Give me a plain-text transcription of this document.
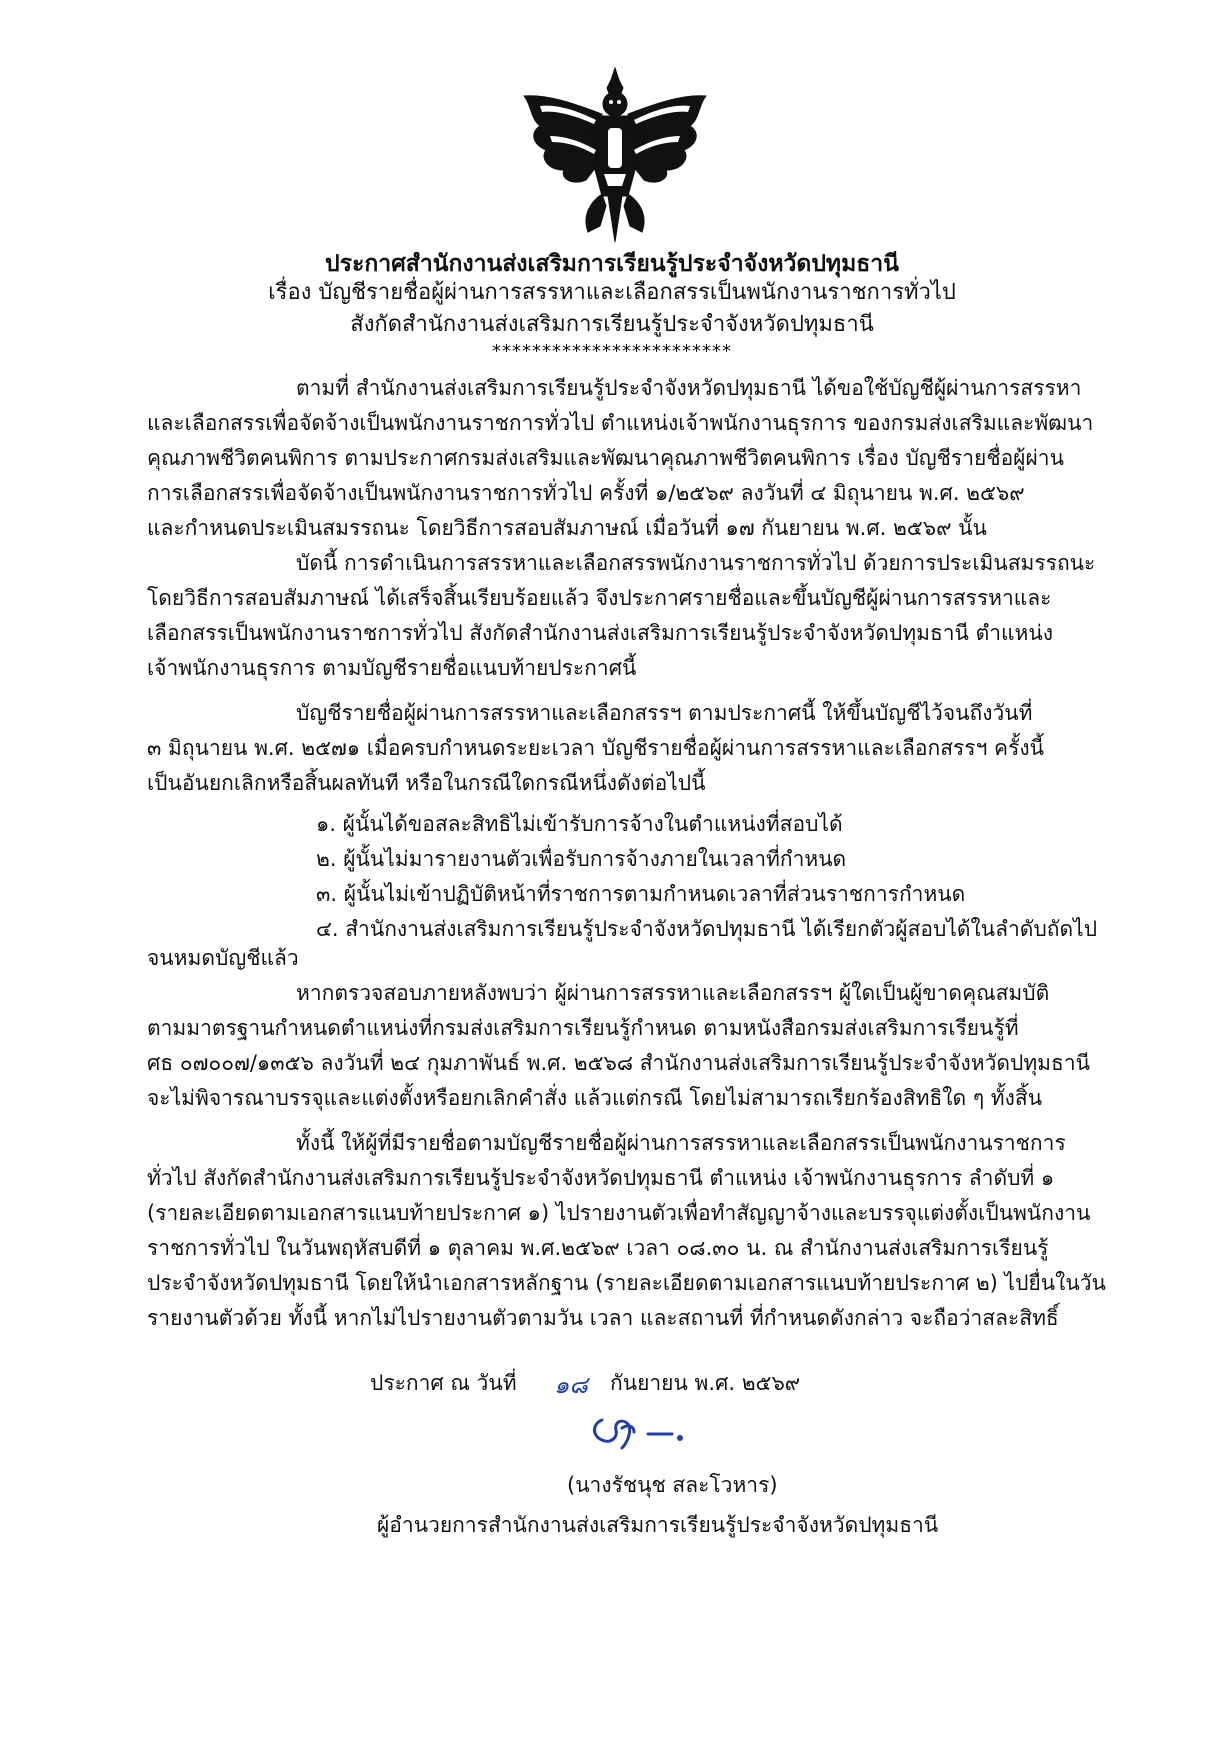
ประกาศสำนักงานส่งเสริมการเรียนรู้ประจำจังหวัดปทุมธานี
เรื่อง บัญชีรายชื่อผู้ผ่านการสรรหาและเลือกสรรเป็นพนักงานราชการทั่วไป
สังกัดสำนักงานส่งเสริมการเรียนรู้ประจำจังหวัดปทุมธานี
************************
ตามที่ สำนักงานส่งเสริมการเรียนรู้ประจำจังหวัดปทุมธานี ได้ขอใช้บัญชีผู้ผ่านการสรรหา
และเลือกสรรเพื่อจัดจ้างเป็นพนักงานราชการทั่วไป ตำแหน่งเจ้าพนักงานธุรการ ของกรมส่งเสริมและพัฒนา
คุณภาพชีวิตคนพิการ ตามประกาศกรมส่งเสริมและพัฒนาคุณภาพชีวิตคนพิการ เรื่อง บัญชีรายชื่อผู้ผ่าน
การเลือกสรรเพื่อจัดจ้างเป็นพนักงานราชการทั่วไป ครั้งที่ ๑/๒๕๖๙ ลงวันที่ ๔ มิถุนายน พ.ศ. ๒๕๖๙
และกำหนดประเมินสมรรถนะ โดยวิธีการสอบสัมภาษณ์ เมื่อวันที่ ๑๗ กันยายน พ.ศ. ๒๕๖๙ นั้น
บัดนี้ การดำเนินการสรรหาและเลือกสรรพนักงานราชการทั่วไป ด้วยการประเมินสมรรถนะ
โดยวิธีการสอบสัมภาษณ์ ได้เสร็จสิ้นเรียบร้อยแล้ว จึงประกาศรายชื่อและขึ้นบัญชีผู้ผ่านการสรรหาและ
เลือกสรรเป็นพนักงานราชการทั่วไป สังกัดสำนักงานส่งเสริมการเรียนรู้ประจำจังหวัดปทุมธานี ตำแหน่ง
เจ้าพนักงานธุรการ ตามบัญชีรายชื่อแนบท้ายประกาศนี้
บัญชีรายชื่อผู้ผ่านการสรรหาและเลือกสรรฯ ตามประกาศนี้ ให้ขึ้นบัญชีไว้จนถึงวันที่
๓ มิถุนายน พ.ศ. ๒๕๗๑ เมื่อครบกำหนดระยะเวลา บัญชีรายชื่อผู้ผ่านการสรรหาและเลือกสรรฯ ครั้งนี้
เป็นอันยกเลิกหรือสิ้นผลทันที หรือในกรณีใดกรณีหนึ่งดังต่อไปนี้
๑. ผู้นั้นได้ขอสละสิทธิไม่เข้ารับการจ้างในตำแหน่งที่สอบได้
๒. ผู้นั้นไม่มารายงานตัวเพื่อรับการจ้างภายในเวลาที่กำหนด
๓. ผู้นั้นไม่เข้าปฏิบัติหน้าที่ราชการตามกำหนดเวลาที่ส่วนราชการกำหนด
๔. สำนักงานส่งเสริมการเรียนรู้ประจำจังหวัดปทุมธานี ได้เรียกตัวผู้สอบได้ในลำดับถัดไป
จนหมดบัญชีแล้ว
หากตรวจสอบภายหลังพบว่า ผู้ผ่านการสรรหาและเลือกสรรฯ ผู้ใดเป็นผู้ขาดคุณสมบัติ
ตามมาตรฐานกำหนดตำแหน่งที่กรมส่งเสริมการเรียนรู้กำหนด ตามหนังสือกรมส่งเสริมการเรียนรู้ที่
ศธ ๐๗๐๐๗/๑๓๕๖ ลงวันที่ ๒๔ กุมภาพันธ์ พ.ศ. ๒๕๖๘ สำนักงานส่งเสริมการเรียนรู้ประจำจังหวัดปทุมธานี
จะไม่พิจารณาบรรจุและแต่งตั้งหรือยกเลิกคำสั่ง แล้วแต่กรณี โดยไม่สามารถเรียกร้องสิทธิใด ๆ ทั้งสิ้น
ทั้งนี้ ให้ผู้ที่มีรายชื่อตามบัญชีรายชื่อผู้ผ่านการสรรหาและเลือกสรรเป็นพนักงานราชการ
ทั่วไป สังกัดสำนักงานส่งเสริมการเรียนรู้ประจำจังหวัดปทุมธานี ตำแหน่ง เจ้าพนักงานธุรการ ลำดับที่ ๑
(รายละเอียดตามเอกสารแนบท้ายประกาศ ๑) ไปรายงานตัวเพื่อทำสัญญาจ้างและบรรจุแต่งตั้งเป็นพนักงาน
ราชการทั่วไป ในวันพฤหัสบดีที่ ๑ ตุลาคม พ.ศ.๒๕๖๙ เวลา ๐๘.๓๐ น. ณ สำนักงานส่งเสริมการเรียนรู้
ประจำจังหวัดปทุมธานี โดยให้นำเอกสารหลักฐาน (รายละเอียดตามเอกสารแนบท้ายประกาศ ๒) ไปยื่นในวัน
รายงานตัวด้วย ทั้งนี้ หากไม่ไปรายงานตัวตามวัน เวลา และสถานที่ ที่กำหนดดังกล่าว จะถือว่าสละสิทธิ์
ประกาศ ณ วันที่ ๑๘ กันยายน พ.ศ. ๒๕๖๙
(นางรัชนุช สละโวหาร)
ผู้อำนวยการสำนักงานส่งเสริมการเรียนรู้ประจำจังหวัดปทุมธานี
